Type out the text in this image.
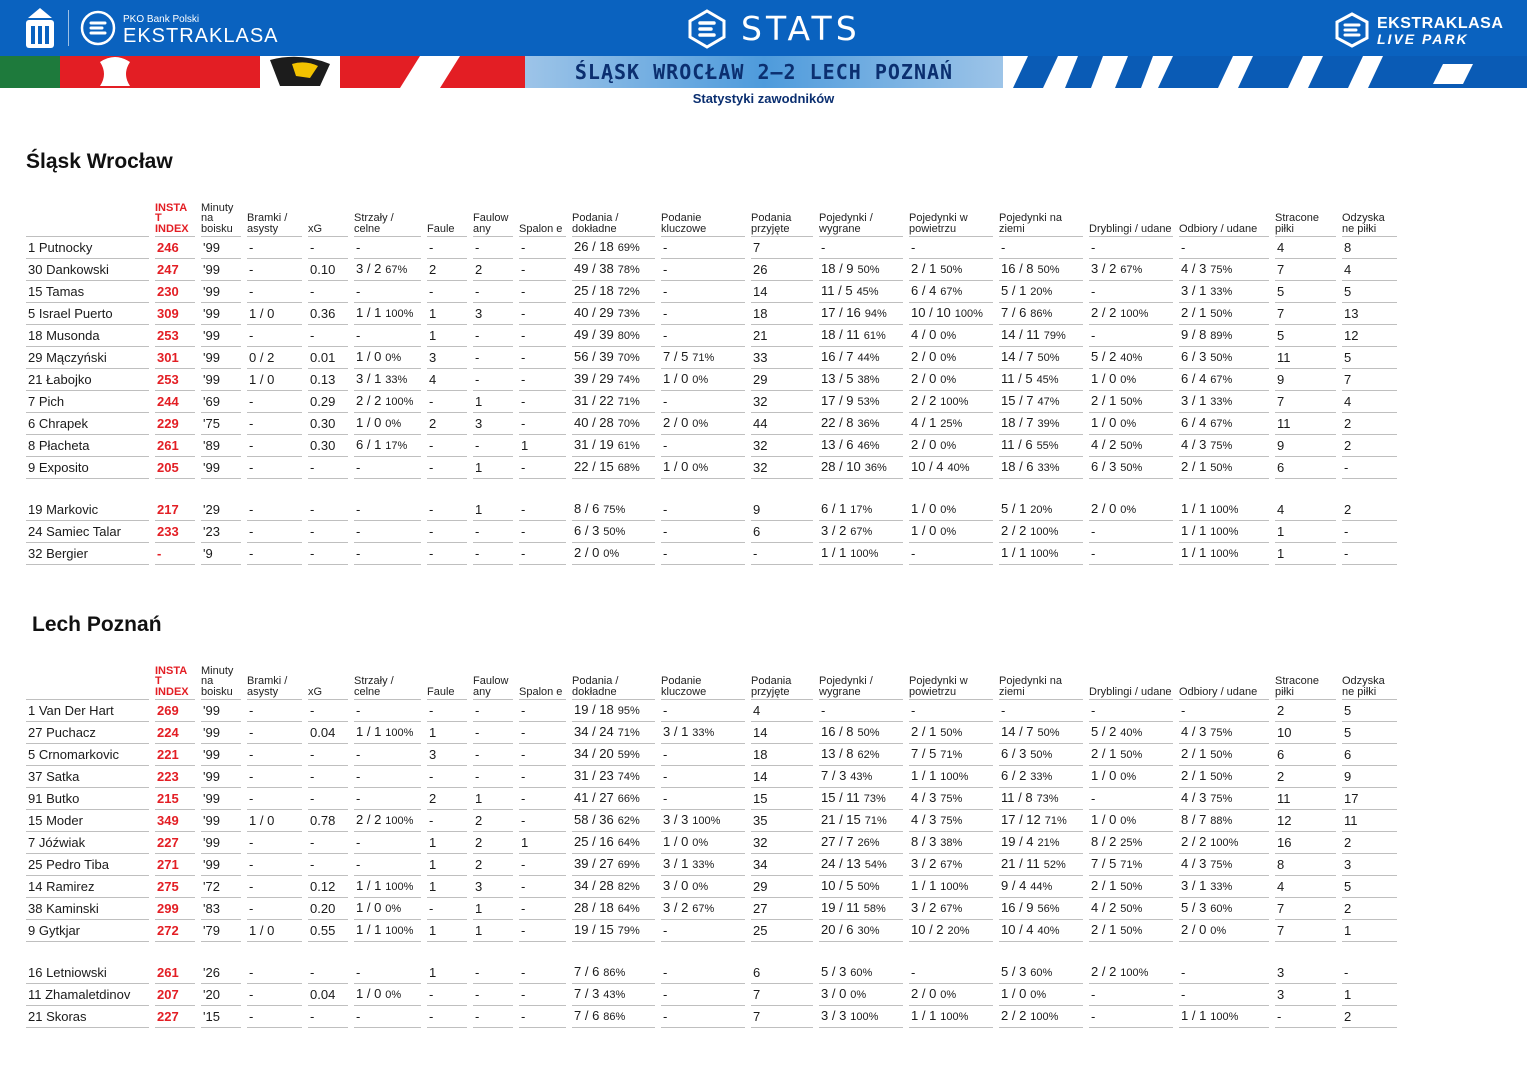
PKO Bank Polski
EKSTRAKLASA	STATS	EKSTRAKLASA
LIVE PARK
ŚLĄSK WROCŁAW 2–2 LECH POZNAŃ
Statystyki zawodników
Śląsk Wrocław
	INSTA T INDEX	Minuty na boisku	Bramki / asysty	xG	Strzały / celne	Faule	Faulow any	Spalon e	Podania / dokładne	Podanie kluczowe	Podania przyjęte	Pojedynki / wygrane	Pojedynki w powietrzu	Pojedynki na ziemi	Dryblingi / udane	Odbiory / udane	Stracone piłki	Odzyska ne piłki
1 Putnocky	246	'99	-	-	-	-	-	-	26 / 18 69%	-	7	-	-	-	-	-	4	8
30 Dankowski	247	'99	-	0.10	3 / 2 67%	2	2	-	49 / 38 78%	-	26	18 / 9 50%	2 / 1 50%	16 / 8 50%	3 / 2 67%	4 / 3 75%	7	4
15 Tamas	230	'99	-	-	-	-	-	-	25 / 18 72%	-	14	11 / 5 45%	6 / 4 67%	5 / 1 20%	-	3 / 1 33%	5	5
5 Israel Puerto	309	'99	1 / 0	0.36	1 / 1 100%	1	3	-	40 / 29 73%	-	18	17 / 16 94%	10 / 10 100%	7 / 6 86%	2 / 2 100%	2 / 1 50%	7	13
18 Musonda	253	'99	-	-	-	1	-	-	49 / 39 80%	-	21	18 / 11 61%	4 / 0 0%	14 / 11 79%	-	9 / 8 89%	5	12
29 Mączyński	301	'99	0 / 2	0.01	1 / 0 0%	3	-	-	56 / 39 70%	7 / 5 71%	33	16 / 7 44%	2 / 0 0%	14 / 7 50%	5 / 2 40%	6 / 3 50%	11	5
21 Łabojko	253	'99	1 / 0	0.13	3 / 1 33%	4	-	-	39 / 29 74%	1 / 0 0%	29	13 / 5 38%	2 / 0 0%	11 / 5 45%	1 / 0 0%	6 / 4 67%	9	7
7 Pich	244	'69	-	0.29	2 / 2 100%	-	1	-	31 / 22 71%	-	32	17 / 9 53%	2 / 2 100%	15 / 7 47%	2 / 1 50%	3 / 1 33%	7	4
6 Chrapek	229	'75	-	0.30	1 / 0 0%	2	3	-	40 / 28 70%	2 / 0 0%	44	22 / 8 36%	4 / 1 25%	18 / 7 39%	1 / 0 0%	6 / 4 67%	11	2
8 Płacheta	261	'89	-	0.30	6 / 1 17%	-	-	1	31 / 19 61%	-	32	13 / 6 46%	2 / 0 0%	11 / 6 55%	4 / 2 50%	4 / 3 75%	9	2
9 Exposito	205	'99	-	-	-	-	1	-	22 / 15 68%	1 / 0 0%	32	28 / 10 36%	10 / 4 40%	18 / 6 33%	6 / 3 50%	2 / 1 50%	6	-

19 Markovic	217	'29	-	-	-	-	1	-	8 / 6 75%	-	9	6 / 1 17%	1 / 0 0%	5 / 1 20%	2 / 0 0%	1 / 1 100%	4	2
24 Samiec Talar	233	'23	-	-	-	-	-	-	6 / 3 50%	-	6	3 / 2 67%	1 / 0 0%	2 / 2 100%	-	1 / 1 100%	1	-
32 Bergier	-	'9	-	-	-	-	-	-	2 / 0 0%	-	-	1 / 1 100%	-	1 / 1 100%	-	1 / 1 100%	1	-
Lech Poznań
	INSTA T INDEX	Minuty na boisku	Bramki / asysty	xG	Strzały / celne	Faule	Faulow any	Spalon e	Podania / dokładne	Podanie kluczowe	Podania przyjęte	Pojedynki / wygrane	Pojedynki w powietrzu	Pojedynki na ziemi	Dryblingi / udane	Odbiory / udane	Stracone piłki	Odzyska ne piłki
1 Van Der Hart	269	'99	-	-	-	-	-	-	19 / 18 95%	-	4	-	-	-	-	-	2	5
27 Puchacz	224	'99	-	0.04	1 / 1 100%	1	-	-	34 / 24 71%	3 / 1 33%	14	16 / 8 50%	2 / 1 50%	14 / 7 50%	5 / 2 40%	4 / 3 75%	10	5
5 Crnomarkovic	221	'99	-	-	-	3	-	-	34 / 20 59%	-	18	13 / 8 62%	7 / 5 71%	6 / 3 50%	2 / 1 50%	2 / 1 50%	6	6
37 Satka	223	'99	-	-	-	-	-	-	31 / 23 74%	-	14	7 / 3 43%	1 / 1 100%	6 / 2 33%	1 / 0 0%	2 / 1 50%	2	9
91 Butko	215	'99	-	-	-	2	1	-	41 / 27 66%	-	15	15 / 11 73%	4 / 3 75%	11 / 8 73%	-	4 / 3 75%	11	17
15 Moder	349	'99	1 / 0	0.78	2 / 2 100%	-	2	-	58 / 36 62%	3 / 3 100%	35	21 / 15 71%	4 / 3 75%	17 / 12 71%	1 / 0 0%	8 / 7 88%	12	11
7 Jóźwiak	227	'99	-	-	-	1	2	1	25 / 16 64%	1 / 0 0%	32	27 / 7 26%	8 / 3 38%	19 / 4 21%	8 / 2 25%	2 / 2 100%	16	2
25 Pedro Tiba	271	'99	-	-	-	1	2	-	39 / 27 69%	3 / 1 33%	34	24 / 13 54%	3 / 2 67%	21 / 11 52%	7 / 5 71%	4 / 3 75%	8	3
14 Ramirez	275	'72	-	0.12	1 / 1 100%	1	3	-	34 / 28 82%	3 / 0 0%	29	10 / 5 50%	1 / 1 100%	9 / 4 44%	2 / 1 50%	3 / 1 33%	4	5
38 Kaminski	299	'83	-	0.20	1 / 0 0%	-	1	-	28 / 18 64%	3 / 2 67%	27	19 / 11 58%	3 / 2 67%	16 / 9 56%	4 / 2 50%	5 / 3 60%	7	2
9 Gytkjar	272	'79	1 / 0	0.55	1 / 1 100%	1	1	-	19 / 15 79%	-	25	20 / 6 30%	10 / 2 20%	10 / 4 40%	2 / 1 50%	2 / 0 0%	7	1

16 Letniowski	261	'26	-	-	-	1	-	-	7 / 6 86%	-	6	5 / 3 60%	-	5 / 3 60%	2 / 2 100%	-	3	-
11 Zhamaletdinov	207	'20	-	0.04	1 / 0 0%	-	-	-	7 / 3 43%	-	7	3 / 0 0%	2 / 0 0%	1 / 0 0%	-	-	3	1
21 Skoras	227	'15	-	-	-	-	-	-	7 / 6 86%	-	7	3 / 3 100%	1 / 1 100%	2 / 2 100%	-	1 / 1 100%	-	2
